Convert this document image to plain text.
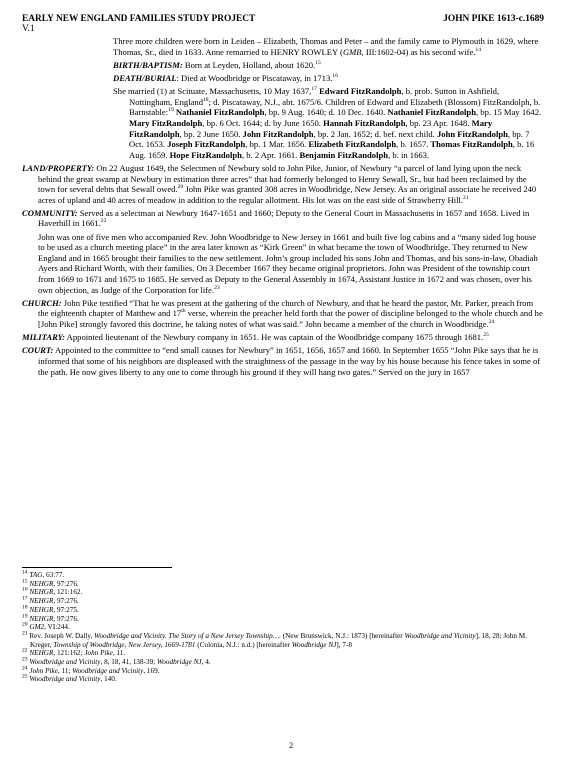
EARLY NEW ENGLAND FAMILIES STUDY PROJECT	JOHN PIKE 1613-c.1689
V.1

Three more children were born in Leiden – Elizabeth, Thomas and Peter – and the family came to Plymouth in 1629, where Thomas, Sr., died in 1633. Anne remarried to HENRY ROWLEY (GMB, III:1602-04) as his second wife.$^{14}$

BIRTH/BAPTISM: Born at Leyden, Holland, about 1620.15

DEATH/BURIAL: Died at Woodbridge or Piscataway, in 1713.16

She married (1) at Scituate, Massachusetts, 10 May 1637,17 Edward FitzRandolph, b. prob. Sutton in Ashfield, Nottingham, England$^{18}$; d. Piscataway, N.J., abt. 1675/6. Children of Edward and Elizabeth (Blossom) FitzRandolph, b. Barnstable:$^{19}$ Nathaniel FitzRandolph, bp. 9 Aug. 1640; d. 10 Dec. 1640. Nathaniel FitzRandolph, bp. 15 May 1642. Mary FitzRandolph, bp. 6 Oct. 1644; d. by June 1650. Hannah FitzRandolph, bp. 23 Apr. 1648. Mary FitzRandolph, bp. 2 June 1650. John FitzRandolph, bp. 2 Jan. 1652; d. bef. next child. John FitzRandolph, bp. 7 Oct. 1653. Joseph FitzRandolph, bp. 1 Mar. 1656. Elizabeth FitzRandolph, b. 1657. Thomas FitzRandolph, b. 16 Aug. 1659. Hope FitzRandolph, b. 2 Apr. 1661. Benjamin FitzRandolph, b. in 1663.

LAND/PROPERTY: On 22 August 1649, the Selectmen of Newbury sold to John Pike, Junior, of Newbury “a parcel of land lying upon the neck behind the great swamp at Newbury in estimation three acres” that had formerly belonged to Henry Sewall, Sr., but had been reclaimed by the town for several debts that Sewall owed.$^{20}$ John Pike was granted 308 acres in Woodbridge, New Jersey. As an original associate he received 240 acres of upland and 40 acres of meadow in addition to the regular allotment. His lot was on the east side of Strawberry Hill.$^{21}$

COMMUNITY: Served as a selectman at Newbury 1647-1651 and 1660; Deputy to the General Court in Massachusetts in 1657 and 1658. Lived in Haverhill in 1661.22

John was one of five men who accompanied Rev. John Woodbridge to New Jersey in 1661 and built five log cabins and a “many sided log house to be used as a church meeting place” in the area later known as “Kirk Green” in what became the town of Woodbridge. They returned to New England and in 1665 brought their families to the new settlement. John’s group included his sons John and Thomas, and his sons-in-law, Obadiah Ayers and Richard Worth, with their families. On 3 December 1667 they became original proprietors. John was President of the township court from 1669 to 1671 and 1675 to 1685. He served as Deputy to the General Assembly in 1674, Assistant Justice in 1672 and was chosen, over his own objection, as Judge of the Corporation for life.$^{23}$

CHURCH: John Pike testified “That he was present at the gathering of the church of Newbury, and that he heard the pastor, Mr. Parker, preach from the eighteenth chapter of Matthew and 17th verse, wherein the preacher held forth that the power of discipline belonged to the whole church and he [John Pike] strongly favored this doctrine, he taking notes of what was said.” John became a member of the church in Woodbridge.$^{24}$

MILITARY: Appointed lieutenant of the Newbury company in 1651. He was captain of the Woodbridge company 1675 through 1681.25

COURT: Appointed to the committee to “end small causes for Newbury” in 1651, 1656, 1657 and 1660. In September 1655 “John Pike says that he is informed that some of his neighbors are displeased with the straightness of the passage in the way by his house because his fence takes in some of the path. He now gives liberty to any one to come through his ground if they will hang two gates.” Served on the jury in 1657

$^{14}$ TAG, 63:77.
$^{15}$ NEHGR, 97:276.
$^{16}$ NEHGR, 121:162.
$^{17}$ NEHGR, 97:276.
$^{18}$ NEHGR, 97:275.
$^{19}$ NEHGR, 97:276.
$^{20}$ GM2, VI:244.
$^{21}$ Rev. Joseph W. Dally, Woodbridge and Vicinity. The Story of a New Jersey Township…. (New Brunswick, N.J.: 1873) [hereinafter Woodbridge and Vicinity], 18, 28; John M. Kreger, Township of Woodbridge, New Jersey, 1669-1781 (Colonia, N.J.: n.d.) [hereinafter Woodbridge NJ], 7-8
$^{22}$ NEHGR, 121:162; John Pike, 11.
$^{23}$ Woodbridge and Vicinity, 8, 18, 41, 138-39; Woodbridge NJ, 4.
$^{24}$ John Pike, 11; Woodbridge and Vicinity, 169.
$^{25}$ Woodbridge and Vicinity, 140.
2
